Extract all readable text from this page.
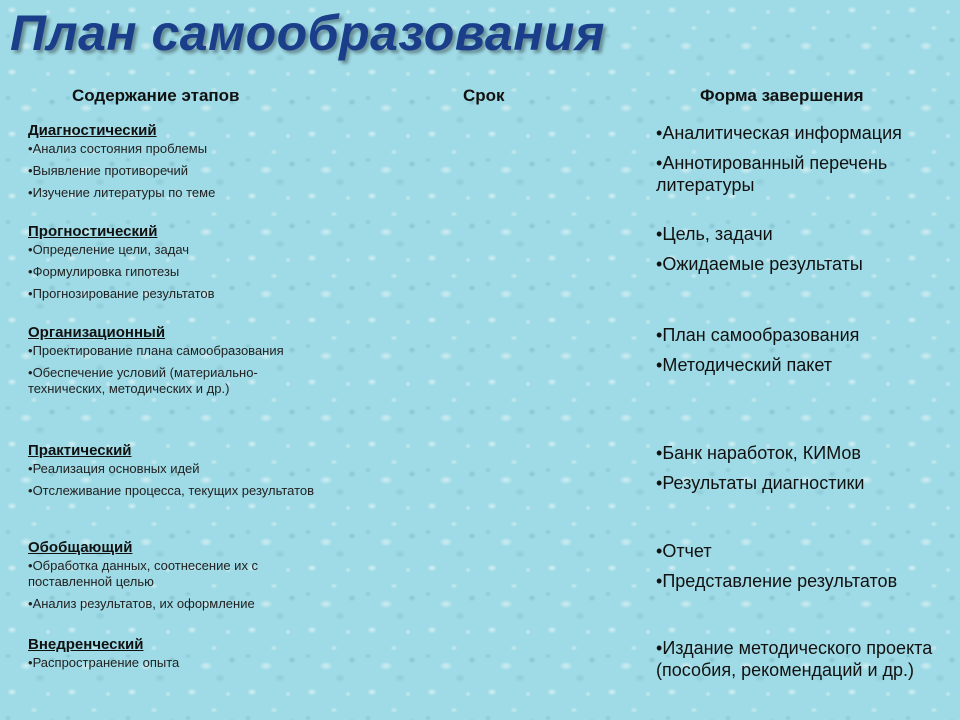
План самообразования
Содержание этапов	Срок	Форма завершения
Диагностический
• Анализ состояния проблемы
• Выявление противоречий
• Изучение литературы по теме
• Аналитическая информация
• Аннотированный перечень литературы
Прогностический
• Определение цели, задач
• Формулировка гипотезы
• Прогнозирование результатов
• Цель, задачи
• Ожидаемые результаты
Организационный
• Проектирование плана самообразования
• Обеспечение условий (материально-технических, методических и др.)
• План самообразования
• Методический пакет
Практический
• Реализация основных идей
• Отслеживание процесса, текущих результатов
• Банк наработок, КИМов
• Результаты диагностики
Обобщающий
• Обработка данных, соотнесение их с поставленной целью
• Анализ результатов, их оформление
• Отчет
• Представление результатов
Внедренческий
• Распространение опыта
• Издание методического проекта (пособия, рекомендаций и др.)
